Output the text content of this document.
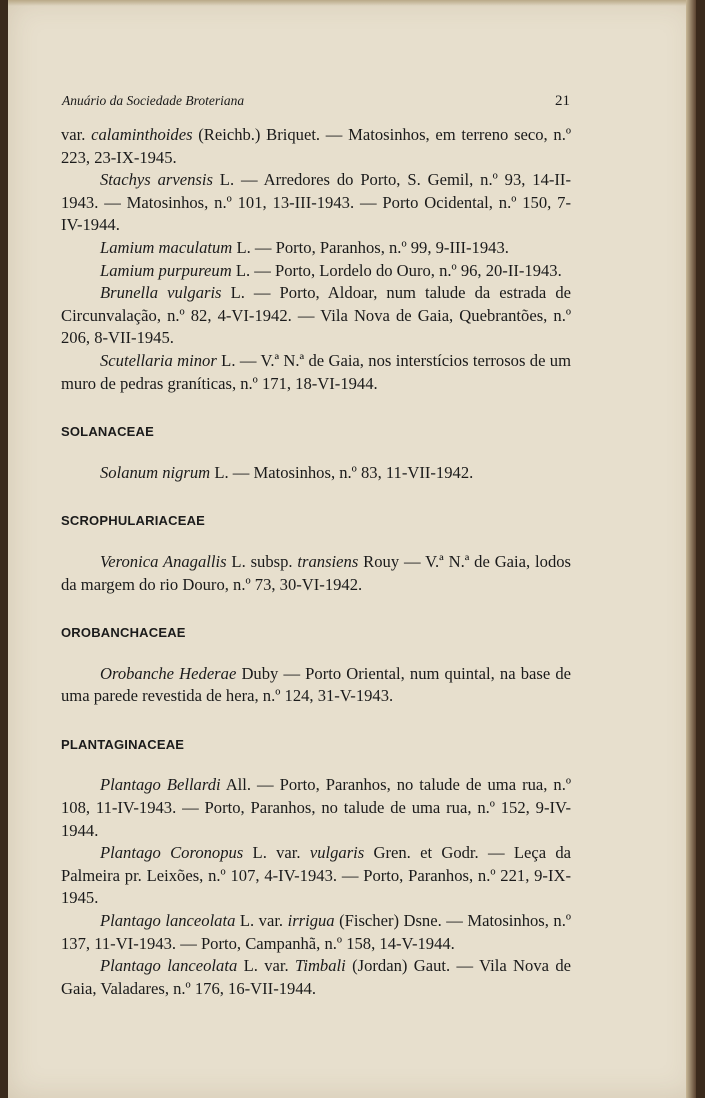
Anuário da Sociedade Broteriana	21

var. calaminthoides (Reichb.) Briquet. — Matosinhos, em terreno seco, n.º 223, 23-IX-1945.

Stachys arvensis L. — Arredores do Porto, S. Gemil, n.º 93, 14-II-1943. — Matosinhos, n.º 101, 13-III-1943. — Porto Ocidental, n.º 150, 7-IV-1944.

Lamium maculatum L. — Porto, Paranhos, n.º 99, 9-III-1943.

Lamium purpureum L. — Porto, Lordelo do Ouro, n.º 96, 20-II-1943.

Brunella vulgaris L. — Porto, Aldoar, num talude da estrada de Circunvalação, n.º 82, 4-VI-1942. — Vila Nova de Gaia, Quebrantões, n.º 206, 8-VII-1945.

Scutellaria minor L. — V.ª N.ª de Gaia, nos interstícios terrosos de um muro de pedras graníticas, n.º 171, 18-VI-1944.

SOLANACEAE

Solanum nigrum L. — Matosinhos, n.º 83, 11-VII-1942.

SCROPHULARIACEAE

Veronica Anagallis L. subsp. transiens Rouy — V.ª N.ª de Gaia, lodos da margem do rio Douro, n.º 73, 30-VI-1942.

OROBANCHACEAE

Orobanche Hederae Duby — Porto Oriental, num quintal, na base de uma parede revestida de hera, n.º 124, 31-V-1943.

PLANTAGINACEAE

Plantago Bellardi All. — Porto, Paranhos, no talude de uma rua, n.º 108, 11-IV-1943. — Porto, Paranhos, no talude de uma rua, n.º 152, 9-IV-1944.

Plantago Coronopus L. var. vulgaris Gren. et Godr. — Leça da Palmeira pr. Leixões, n.º 107, 4-IV-1943. — Porto, Paranhos, n.º 221, 9-IX-1945.

Plantago lanceolata L. var. irrigua (Fischer) Dsne. — Matosinhos, n.º 137, 11-VI-1943. — Porto, Campanhã, n.º 158, 14-V-1944.

Plantago lanceolata L. var. Timbali (Jordan) Gaut. — Vila Nova de Gaia, Valadares, n.º 176, 16-VII-1944.
